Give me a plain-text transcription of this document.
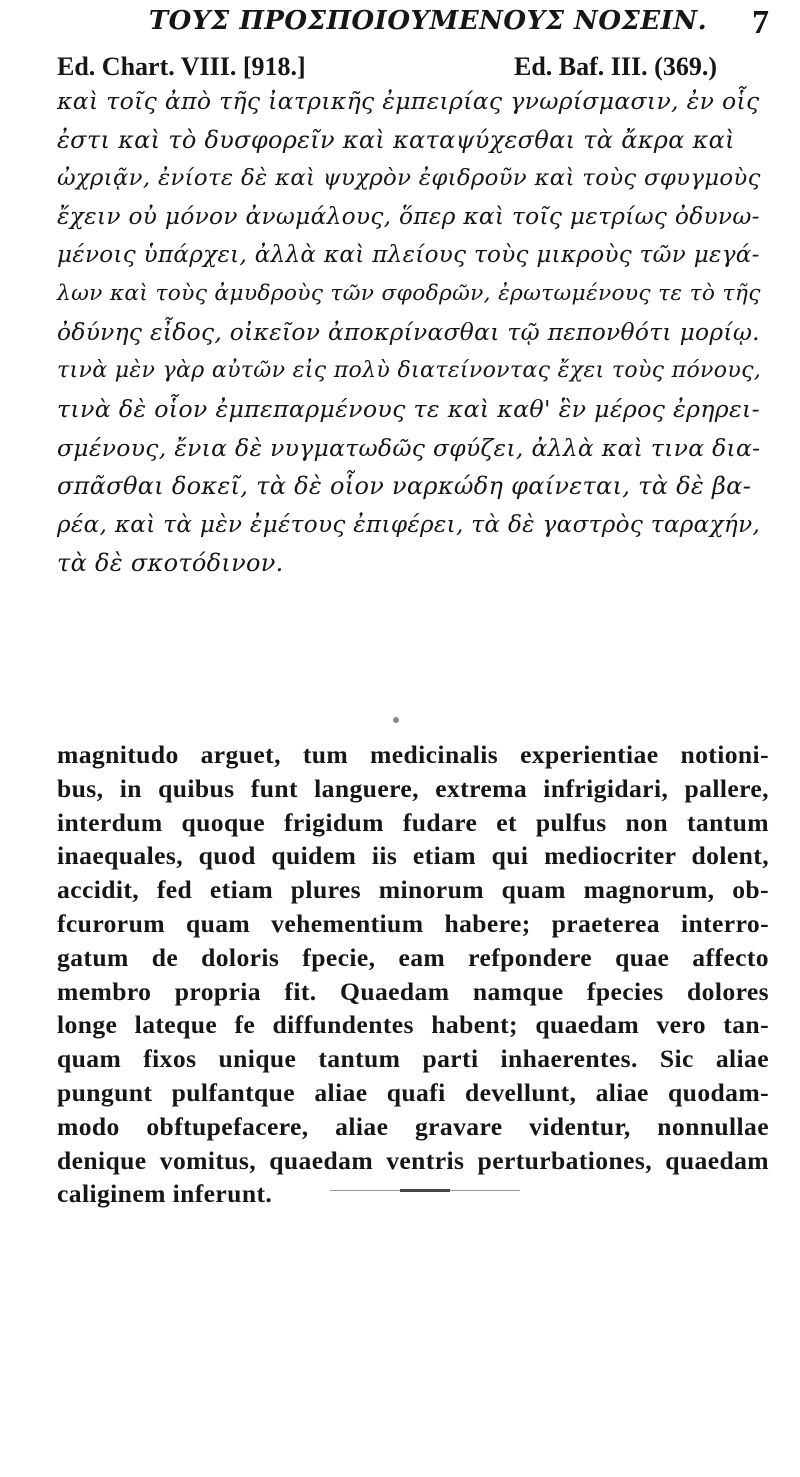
ΤΟΥΣ ΠΡΟΣΠΟΙΟΥΜΕΝΟΥΣ ΝΟΣΕΙΝ. 7
Ed. Chart. VIII. [918.]	Ed. Baf. III. (369.)
καὶ τοῖς ἀπὸ τῆς ἰατρικῆς ἐμπειρίας γνωρίσμασιν, ἐν οἷς
ἐστι καὶ τὸ δυσφορεῖν καὶ καταψύχεσθαι τὰ ἄκρα καὶ
ὠχριᾷν, ἐνίοτε δὲ καὶ ψυχρὸν ἐφιδροῦν καὶ τοὺς σφυγμοὺς
ἔχειν οὐ μόνον ἀνωμάλους, ὅπερ καὶ τοῖς μετρίως ὀδυνω-
μένοις ὑπάρχει, ἀλλὰ καὶ πλείους τοὺς μικροὺς τῶν μεγά-
λων καὶ τοὺς ἀμυδροὺς τῶν σφοδρῶν, ἐρωτωμένους τε τὸ τῆς
ὀδύνης εἶδος, οἰκεῖον ἀποκρίνασθαι τῷ πεπονθότι μορίῳ.
τινὰ μὲν γὰρ αὐτῶν εἰς πολὺ διατείνοντας ἔχει τοὺς πόνους,
τινὰ δὲ οἷον ἐμπεπαρμένους τε καὶ καθ' ἓν μέρος ἐρηρει-
σμένους, ἔνια δὲ νυγματωδῶς σφύζει, ἀλλὰ καὶ τινα δια-
σπᾶσθαι δοκεῖ, τὰ δὲ οἷον ναρκώδη φαίνεται, τὰ δὲ βα-
ρέα, καὶ τὰ μὲν ἐμέτους ἐπιφέρει, τὰ δὲ γαστρὸς ταραχήν,
τὰ δὲ σκοτόδινον.
magnitudo arguet, tum medicinalis experientiae notioni-
bus, in quibus funt languere, extrema infrigidari, pallere,
interdum quoque frigidum fudare et pulfus non tantum
inaequales, quod quidem iis etiam qui mediocriter dolent,
accidit, fed etiam plures minorum quam magnorum, ob-
fcurorum quam vehementium habere; praeterea interro-
gatum de doloris fpecie, eam refpondere quae affecto
membro propria fit. Quaedam namque fpecies dolores
longe lateque fe diffundentes habent; quaedam vero tan-
quam fixos unique tantum parti inhaerentes. Sic aliae
pungunt pulfantque aliae quafi devellunt, aliae quodam-
modo obftupefacere, aliae gravare videntur, nonnullae
denique vomitus, quaedam ventris perturbationes, quaedam
caliginem inferunt.
